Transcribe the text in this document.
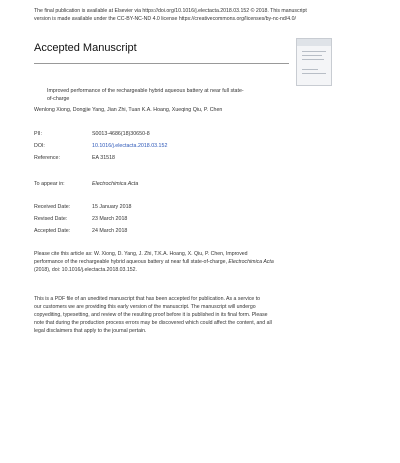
The final publication is available at Elsevier via https://doi.org/10.1016/j.electacta.2018.03.152 © 2018. This manuscript
version is made available under the CC-BY-NC-ND 4.0 license https://creativecommons.org/licenses/by-nc-nd/4.0/
Accepted Manuscript
Improved performance of the rechargeable hybrid aqueous battery at near full state-
of-charge
Wenlong Xiong, Dongjie Yang, Jian Zhi, Tuan K.A. Hoang, Xueqing Qiu, P. Chen
PII:	S0013-4686(18)30650-8
DOI:	10.1016/j.electacta.2018.03.152
Reference:	EA 31518
To appear in:	Electrochimica Acta
Received Date:	15 January 2018
Revised Date:	23 March 2018
Accepted Date:	24 March 2018
Please cite this article as: W. Xiong, D. Yang, J. Zhi, T.K.A. Hoang, X. Qiu, P. Chen, Improved
performance of the rechargeable hybrid aqueous battery at near full state-of-charge, Electrochimica Acta
(2018), doi: 10.1016/j.electacta.2018.03.152.
This is a PDF file of an unedited manuscript that has been accepted for publication. As a service to
our customers we are providing this early version of the manuscript. The manuscript will undergo
copyediting, typesetting, and review of the resulting proof before it is published in its final form. Please
note that during the production process errors may be discovered which could affect the content, and all
legal disclaimers that apply to the journal pertain.
